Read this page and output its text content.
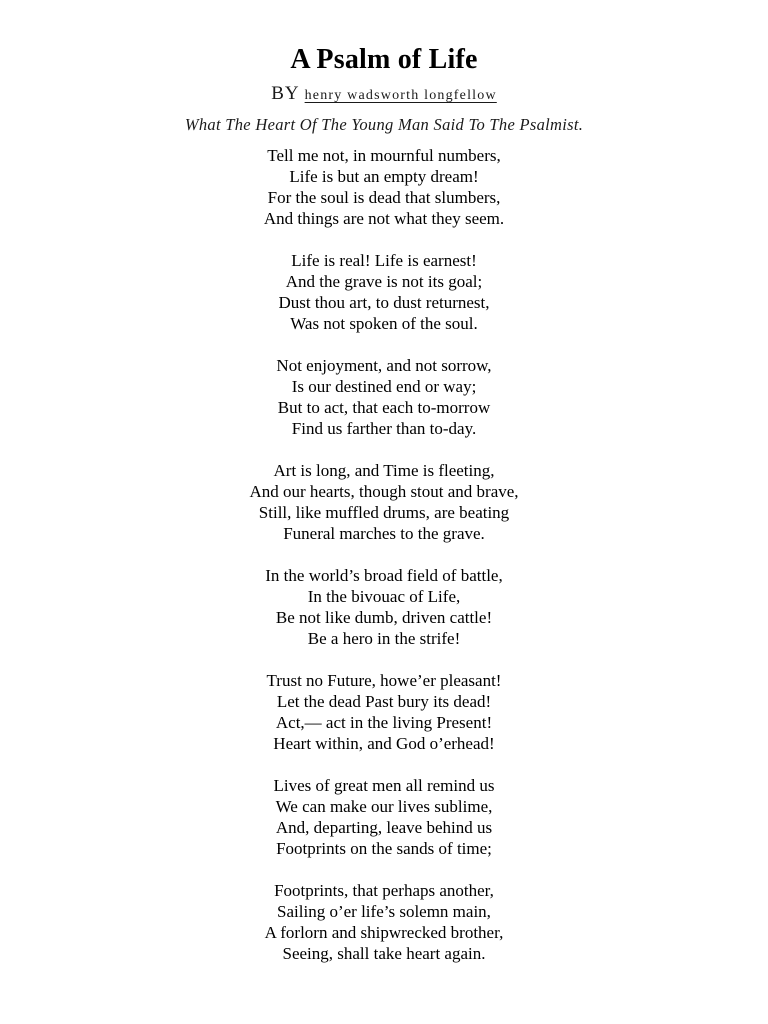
A Psalm of Life
BY henry wadsworth longfellow
What The Heart Of The Young Man Said To The Psalmist.
Tell me not, in mournful numbers,
Life is but an empty dream!
For the soul is dead that slumbers,
And things are not what they seem.
Life is real! Life is earnest!
And the grave is not its goal;
Dust thou art, to dust returnest,
Was not spoken of the soul.
Not enjoyment, and not sorrow,
Is our destined end or way;
But to act, that each to-morrow
Find us farther than to-day.
Art is long, and Time is fleeting,
And our hearts, though stout and brave,
Still, like muffled drums, are beating
Funeral marches to the grave.
In the world’s broad field of battle,
In the bivouac of Life,
Be not like dumb, driven cattle!
Be a hero in the strife!
Trust no Future, howe’er pleasant!
Let the dead Past bury its dead!
Act,— act in the living Present!
Heart within, and God o’erhead!
Lives of great men all remind us
We can make our lives sublime,
And, departing, leave behind us
Footprints on the sands of time;
Footprints, that perhaps another,
Sailing o’er life’s solemn main,
A forlorn and shipwrecked brother,
Seeing, shall take heart again.
